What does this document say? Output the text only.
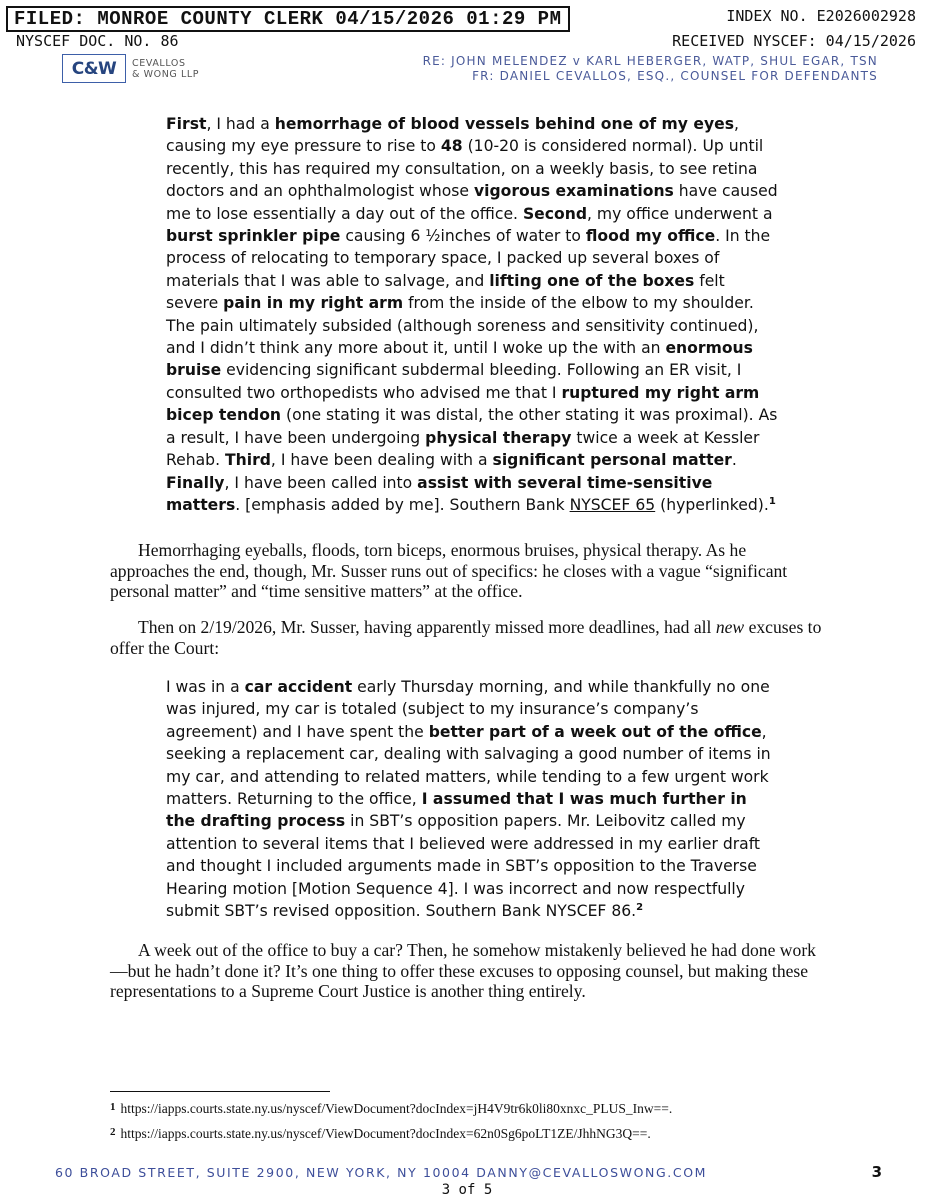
FILED: MONROE COUNTY CLERK 04/15/2026 01:29 PM	INDEX NO. E2026002928
NYSCEF DOC. NO. 86	RECEIVED NYSCEF: 04/15/2026
C&W CEVALLOS
& WONG LLP
RE: JOHN MELENDEZ v KARL HEBERGER, WATP, SHUL EGAR, TSN
FR: DANIEL CEVALLOS, ESQ., COUNSEL FOR DEFENDANTS
First, I had a hemorrhage of blood vessels behind one of my eyes, causing my eye pressure to rise to 48 (10-20 is considered normal). Up until recently, this has required my consultation, on a weekly basis, to see retina doctors and an ophthalmologist whose vigorous examinations have caused me to lose essentially a day out of the office. Second, my office underwent a burst sprinkler pipe causing 6 ½inches of water to flood my office. In the process of relocating to temporary space, I packed up several boxes of materials that I was able to salvage, and lifting one of the boxes felt severe pain in my right arm from the inside of the elbow to my shoulder. The pain ultimately subsided (although soreness and sensitivity continued), and I didn’t think any more about it, until I woke up the with an enormous bruise evidencing significant subdermal bleeding. Following an ER visit, I consulted two orthopedists who advised me that I ruptured my right arm bicep tendon (one stating it was distal, the other stating it was proximal). As a result, I have been undergoing physical therapy twice a week at Kessler Rehab. Third, I have been dealing with a significant personal matter. Finally, I have been called into assist with several time-sensitive matters. [emphasis added by me]. Southern Bank NYSCEF 65 (hyperlinked).$^1$
Hemorrhaging eyeballs, floods, torn biceps, enormous bruises, physical therapy. As he approaches the end, though, Mr. Susser runs out of specifics: he closes with a vague “significant personal matter” and “time sensitive matters” at the office.
Then on 2/19/2026, Mr. Susser, having apparently missed more deadlines, had all new excuses to offer the Court:
I was in a car accident early Thursday morning, and while thankfully no one was injured, my car is totaled (subject to my insurance’s company’s agreement) and I have spent the better part of a week out of the office, seeking a replacement car, dealing with salvaging a good number of items in my car, and attending to related matters, while tending to a few urgent work matters. Returning to the office, I assumed that I was much further in the drafting process in SBT’s opposition papers. Mr. Leibovitz called my attention to several items that I believed were addressed in my earlier draft and thought I included arguments made in SBT’s opposition to the Traverse Hearing motion [Motion Sequence 4]. I was incorrect and now respectfully submit SBT’s revised opposition. Southern Bank NYSCEF 86.$^2$
A week out of the office to buy a car? Then, he somehow mistakenly believed he had done work—but he hadn’t done it? It’s one thing to offer these excuses to opposing counsel, but making these representations to a Supreme Court Justice is another thing entirely.
$^1$ https://iapps.courts.state.ny.us/nyscef/ViewDocument?docIndex=jH4V9tr6k0li80xnxc_PLUS_Inw==.
$^2$ https://iapps.courts.state.ny.us/nyscef/ViewDocument?docIndex=62n0Sg6poLT1ZE/JhhNG3Q==.
60 BROAD STREET, SUITE 2900, NEW YORK, NY 10004 DANNY@CEVALLOSWONG.COM	3
3 of 5
